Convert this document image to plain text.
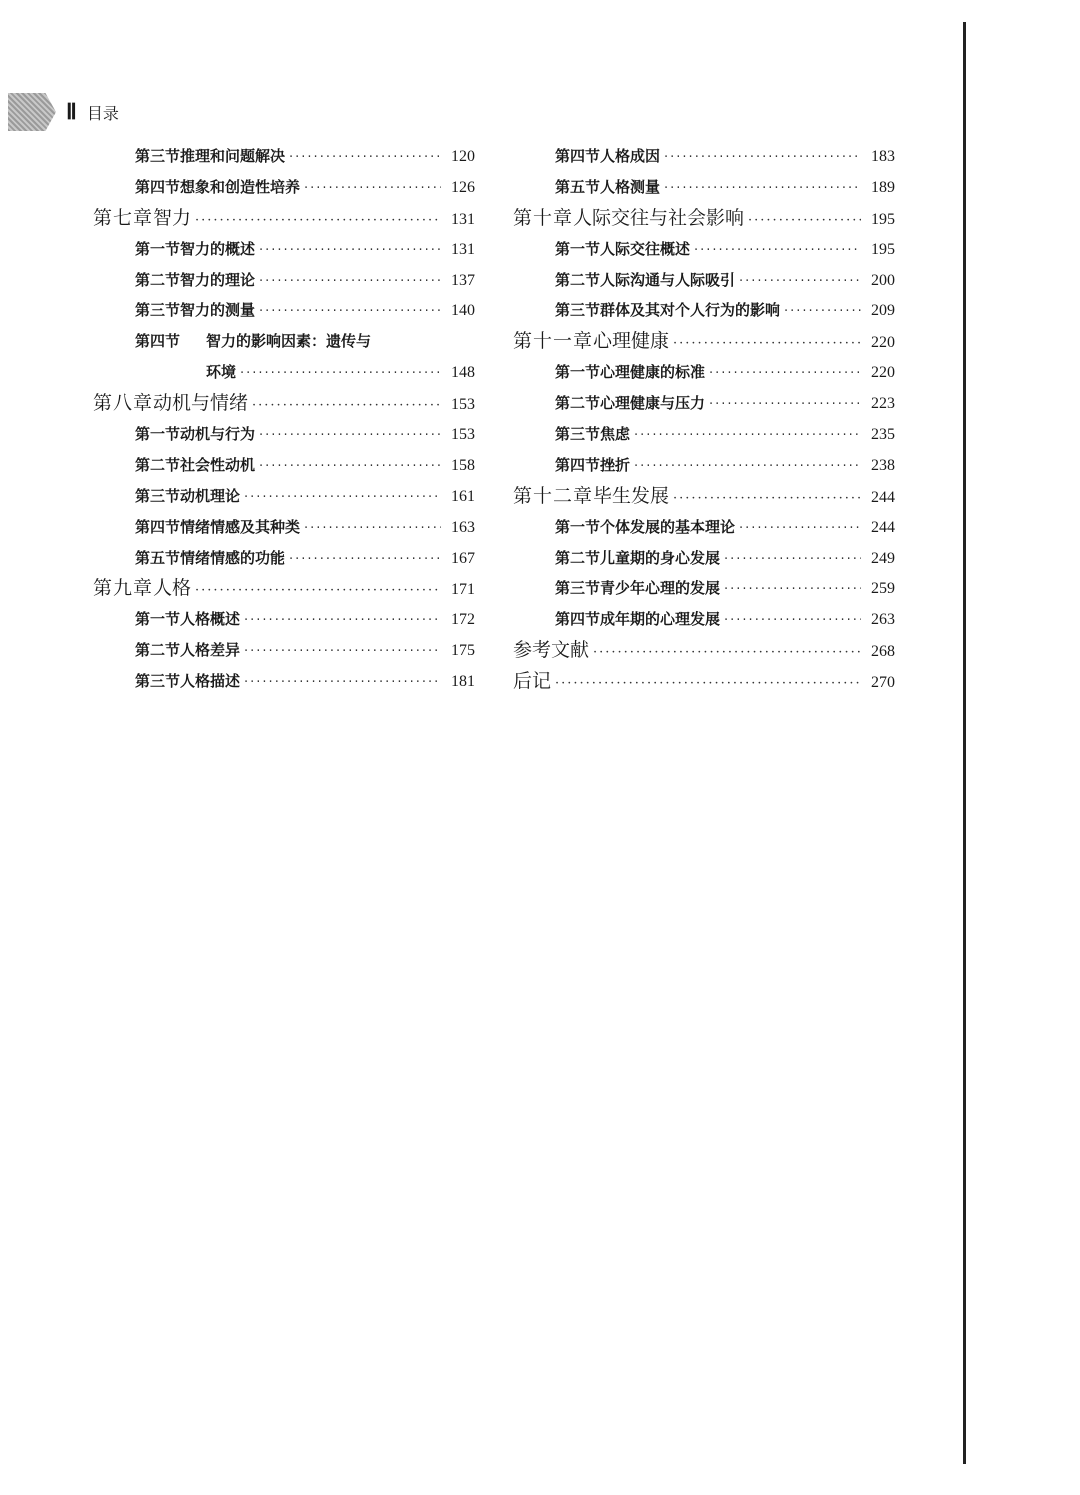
Ⅱ 目录
第三节 推理和问题解决 ·····	120
第四节 想象和创造性培养 ·····	126
第七章 智力 ·····	131
第一节 智力的概述 ·····	131
第二节 智力的理论 ·····	137
第三节 智力的测量 ·····	140
第四节	智力的影响因素：遗传与
环境 ·····	148
第八章 动机与情绪 ·····	153
第一节 动机与行为 ·····	153
第二节 社会性动机 ·····	158
第三节 动机理论 ·····	161
第四节 情绪情感及其种类 ·····	163
第五节 情绪情感的功能 ·····	167
第九章 人格 ·····	171
第一节 人格概述 ·····	172
第二节 人格差异 ·····	175
第三节 人格描述 ·····	181
第四节 人格成因 ·····	183
第五节 人格测量 ·····	189
第十章 人际交往与社会影响 ·····	195
第一节 人际交往概述 ·····	195
第二节 人际沟通与人际吸引 ·····	200
第三节 群体及其对个人行为的影响 ·····	209
第十一章 心理健康 ·····	220
第一节 心理健康的标准 ·····	220
第二节 心理健康与压力 ·····	223
第三节 焦虑 ·····	235
第四节 挫折 ·····	238
第十二章 毕生发展 ·····	244
第一节 个体发展的基本理论 ·····	244
第二节 儿童期的身心发展 ·····	249
第三节 青少年心理的发展 ·····	259
第四节 成年期的心理发展 ·····	263
参考文献 ·····	268
后记 ·····	270
